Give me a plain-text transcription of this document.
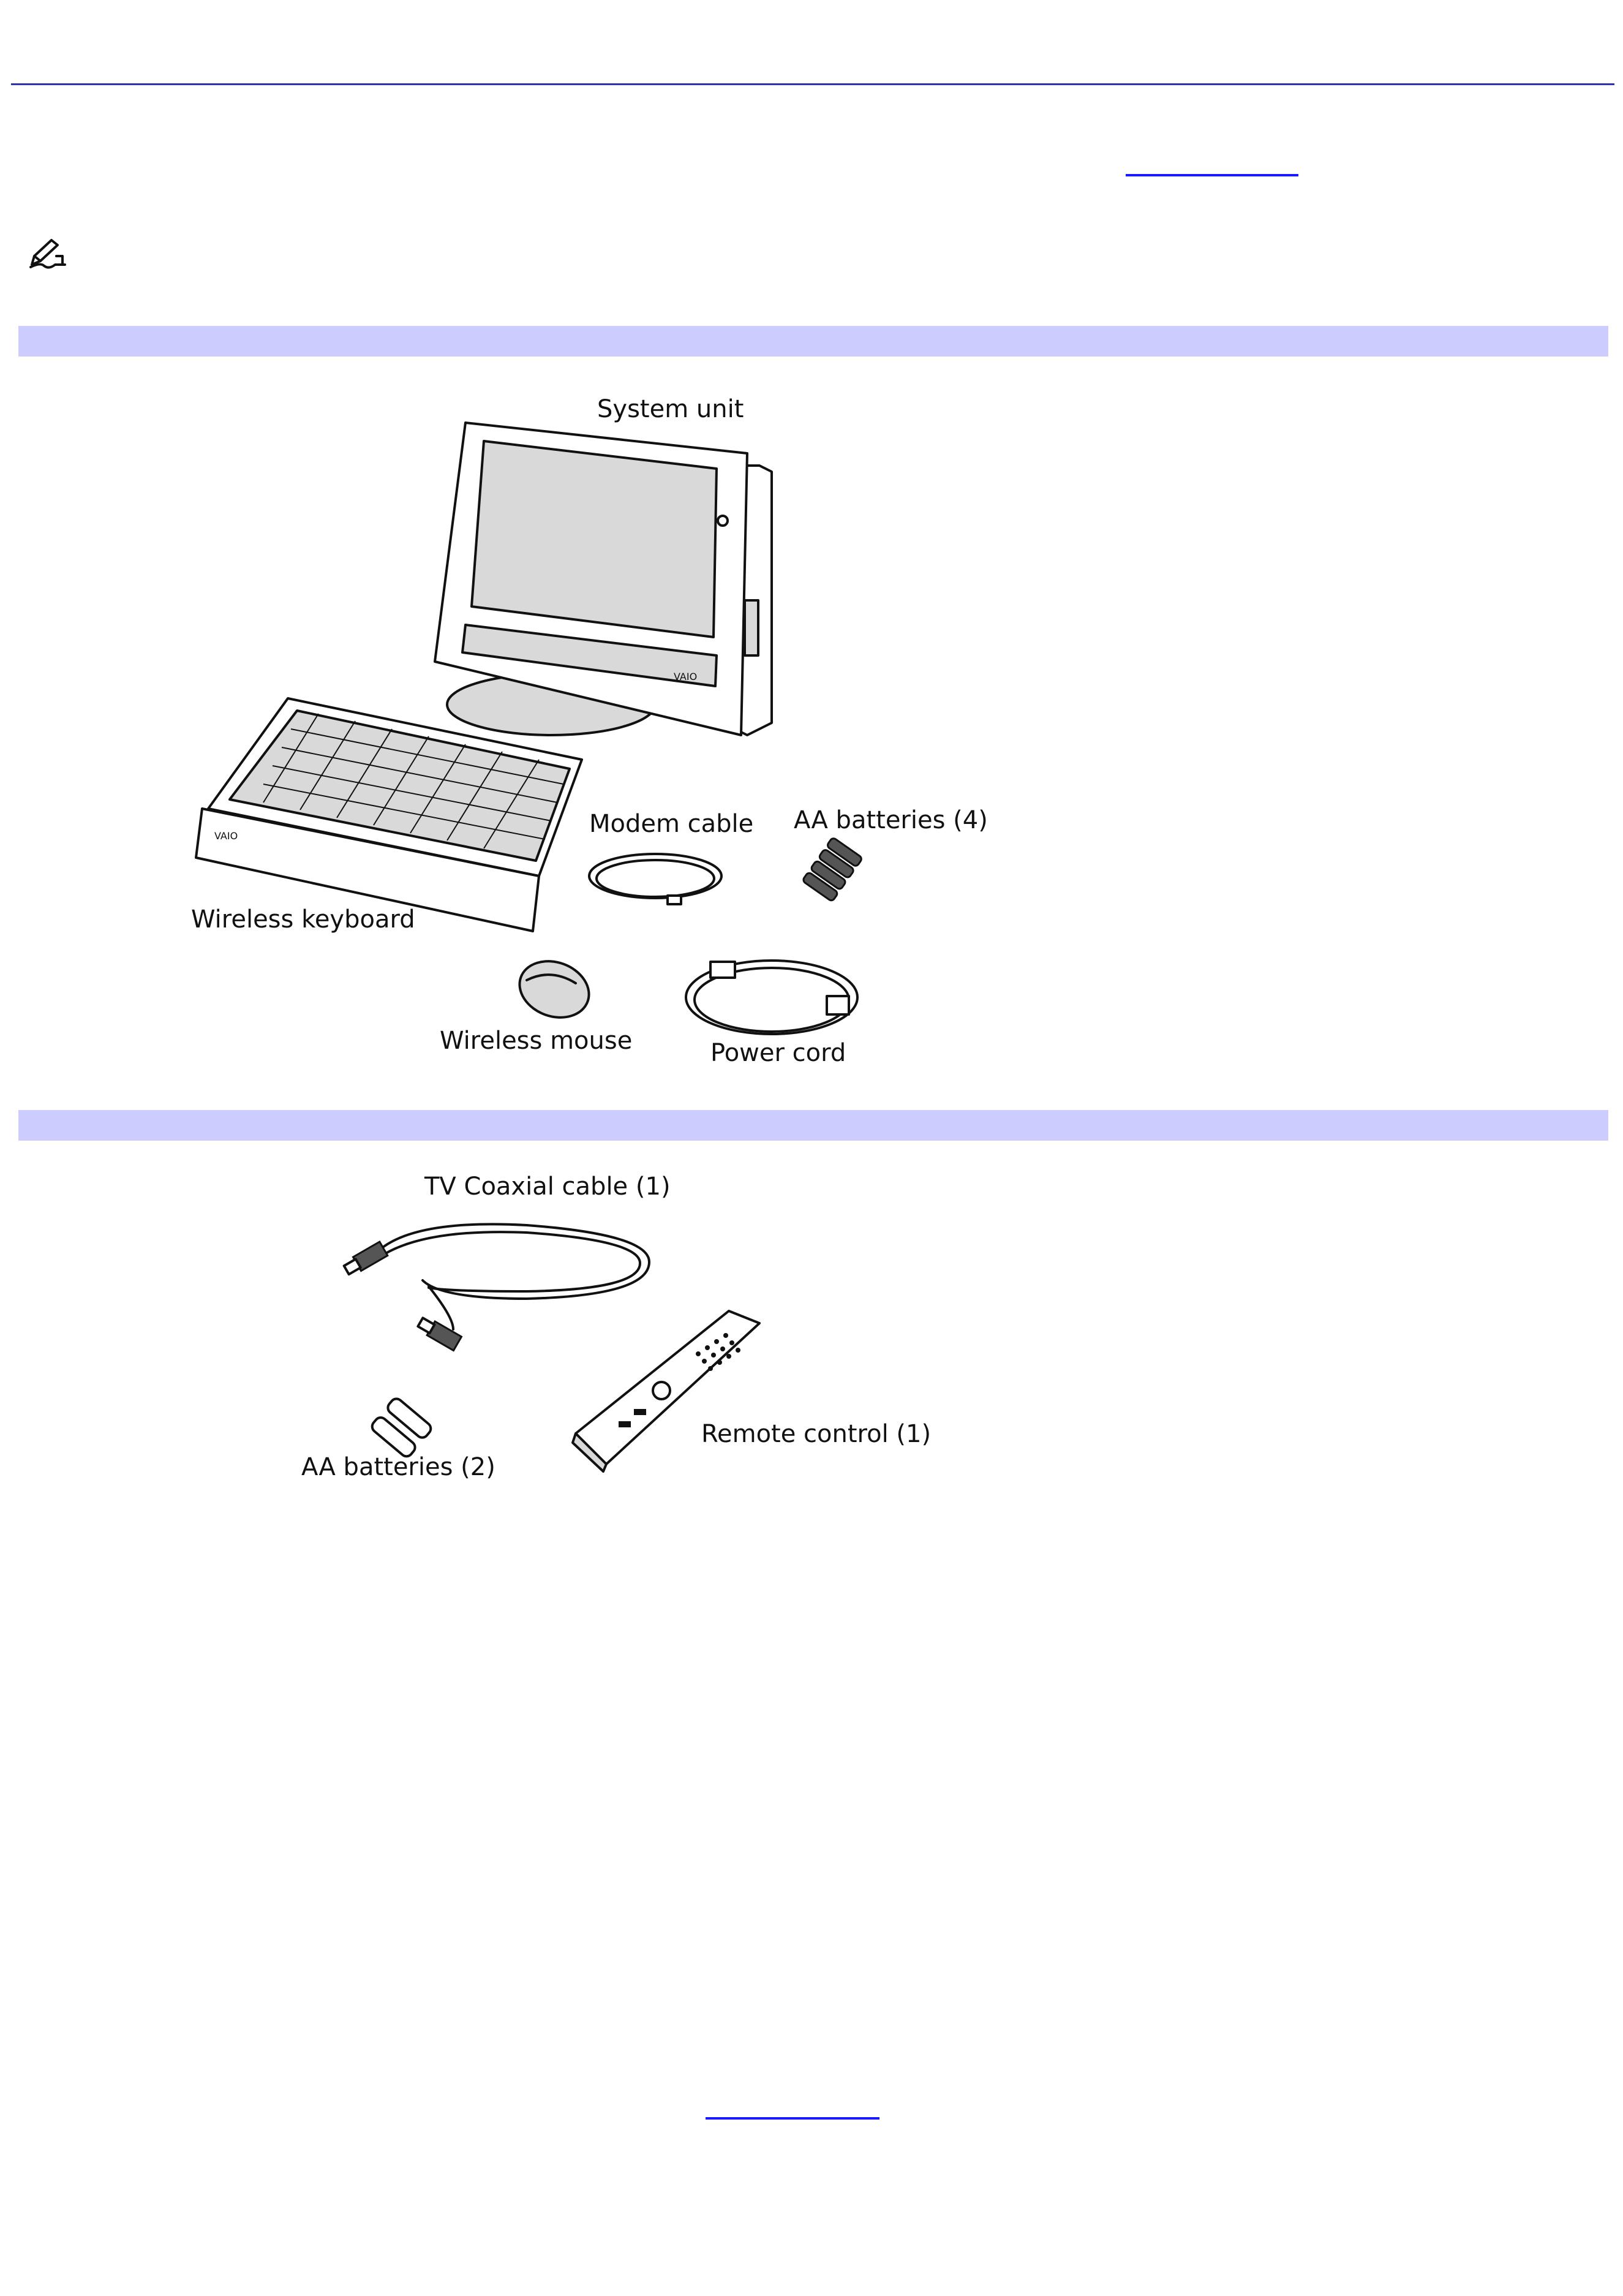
VAIO
System unit
VAIO
Wireless keyboard
Modem cable AA batteries (4)
Wireless mouse	Power cord
TV Coaxial cable (1)
AA batteries (2)
Remote control (1)
